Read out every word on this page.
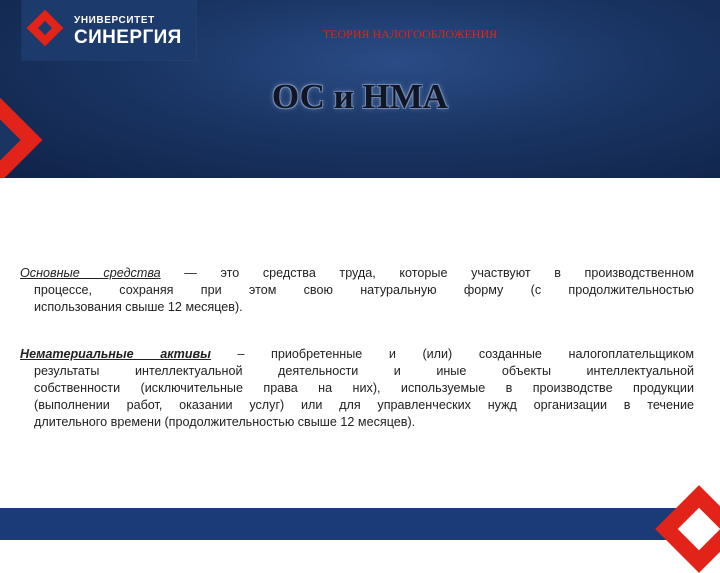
УНИВЕРСИТЕТ
СИНЕРГИЯ	ТЕОРИЯ НАЛОГООБЛОЖЕНИЯ
ОС и НМА
Основные средства — это средства труда, которые участвуют в производственном
процессе, сохраняя при этом свою натуральную форму (с продолжительностью
использования свыше 12 месяцев).
Нематериальные активы – приобретенные и (или) созданные налогоплательщиком
результаты интеллектуальной деятельности и иные объекты интеллектуальной
собственности (исключительные права на них), используемые в производстве продукции
(выполнении работ, оказании услуг) или для управленческих нужд организации в течение
длительного времени (продолжительностью свыше 12 месяцев).
